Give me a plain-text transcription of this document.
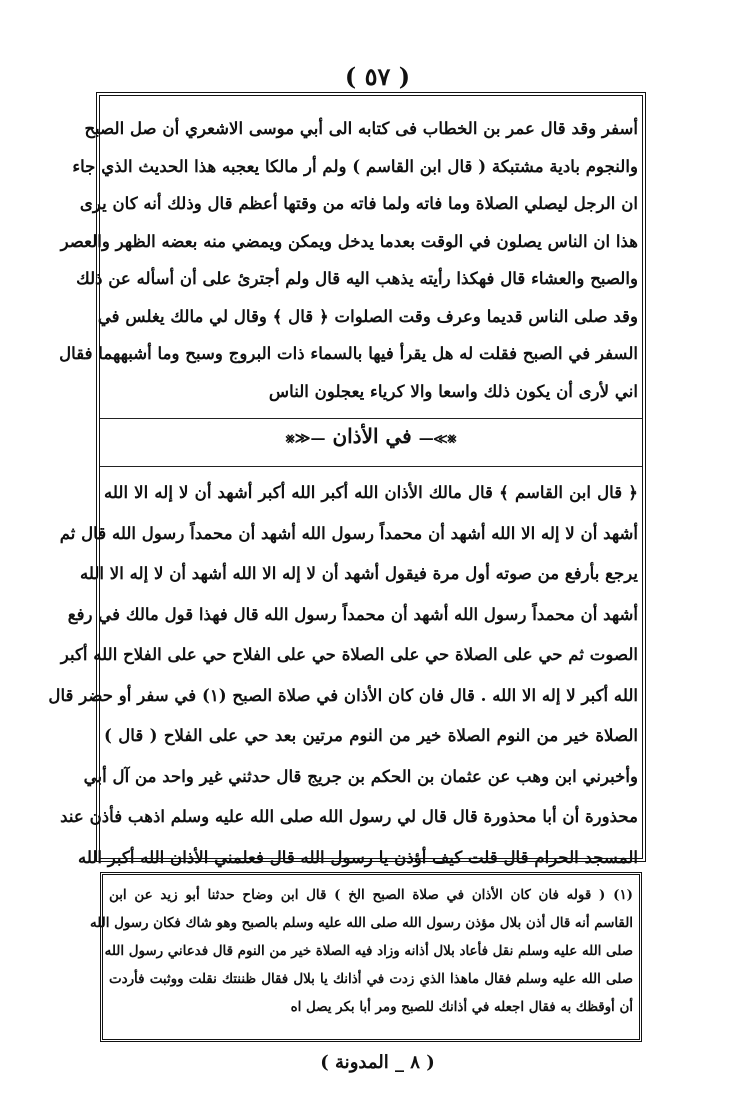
( ٥٧ )
أسفر وقد قال عمر بن الخطاب فى كتابه الى أبي موسى الاشعري أن صل الصبح
والنجوم بادية مشتبكة ( قال ابن القاسم ) ولم أر مالكا يعجبه هذا الحديث الذي جاء
ان الرجل ليصلي الصلاة وما فاته ولما فاته من وقتها أعظم قال وذلك أنه كان يرى
هذا ان الناس يصلون في الوقت بعدما يدخل ويمكن ويمضي منه بعضه الظهر والعصر
والصبح والعشاء قال فهكذا رأيته يذهب اليه قال ولم أجترئ على أن أسأله عن ذلك
وقد صلى الناس قديما وعرف وقت الصلوات ﴿ قال ﴾ وقال لي مالك يغلس في
السفر في الصبح فقلت له هل يقرأ فيها بالسماء ذات البروج وسبح وما أشبههما فقال
اني لأرى أن يكون ذلك واسعا والا كرياء يعجلون الناس
⨳≫— في الأذان —≪⨳
﴿ قال ابن القاسم ﴾ قال مالك الأذان الله أكبر الله أكبر أشهد أن لا إله الا الله
أشهد أن لا إله الا الله أشهد أن محمداً رسول الله أشهد أن محمداً رسول الله قال ثم
يرجع بأرفع من صوته أول مرة فيقول أشهد أن لا إله الا الله أشهد أن لا إله الا الله
أشهد أن محمداً رسول الله أشهد أن محمداً رسول الله قال فهذا قول مالك في رفع
الصوت ثم حي على الصلاة حي على الصلاة حي على الفلاح حي على الفلاح الله أكبر
الله أكبر لا إله الا الله . قال فان كان الأذان في صلاة الصبح (١) في سفر أو حضر قال
الصلاة خير من النوم الصلاة خير من النوم مرتين بعد حي على الفلاح ( قال )
وأخبرني ابن وهب عن عثمان بن الحكم بن جريج قال حدثني غير واحد من آل أبي
محذورة أن أبا محذورة قال قال لي رسول الله صلى الله عليه وسلم اذهب فأذن عند
المسجد الحرام قال قلت كيف أؤذن يا رسول الله قال فعلمني الأذان الله أكبر الله
(١) ( قوله فان كان الأذان في صلاة الصبح الخ ) قال ابن وضاح حدثنا أبو زيد عن ابن
القاسم أنه قال أذن بلال مؤذن رسول الله صلى الله عليه وسلم بالصبح وهو شاك فكان رسول الله
صلى الله عليه وسلم نقل فأعاد بلال أذانه وزاد فيه الصلاة خير من النوم قال فدعاني رسول الله
صلى الله عليه وسلم فقال ماهذا الذي زدت في أذانك يا بلال فقال ظننتك نقلت ووثبت فأردت
أن أوقظك به فقال اجعله في أذانك للصبح ومر أبا بكر يصل اه
( ٨ _ المدونة )
